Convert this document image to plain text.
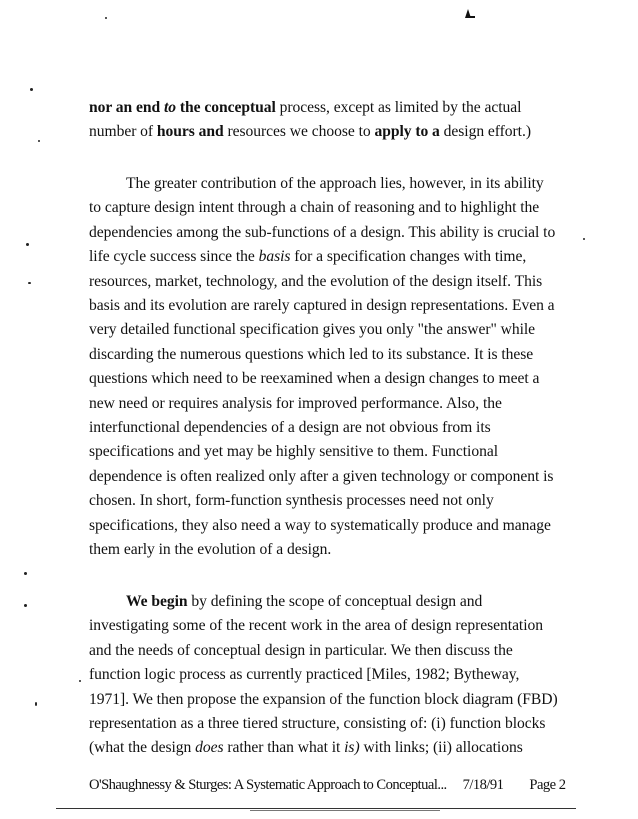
nor an end to the conceptual process, except as limited by the actual
number of hours and resources we choose to apply to a design effort.)

The greater contribution of the approach lies, however, in its ability
to capture design intent through a chain of reasoning and to highlight the
dependencies among the sub-functions of a design. This ability is crucial to
life cycle success since the basis for a specification changes with time,
resources, market, technology, and the evolution of the design itself. This
basis and its evolution are rarely captured in design representations. Even a
very detailed functional specification gives you only "the answer" while
discarding the numerous questions which led to its substance. It is these
questions which need to be reexamined when a design changes to meet a
new need or requires analysis for improved performance. Also, the
interfunctional dependencies of a design are not obvious from its
specifications and yet may be highly sensitive to them. Functional
dependence is often realized only after a given technology or component is
chosen. In short, form-function synthesis processes need not only
specifications, they also need a way to systematically produce and manage
them early in the evolution of a design.

We begin by defining the scope of conceptual design and
investigating some of the recent work in the area of design representation
and the needs of conceptual design in particular. We then discuss the
function logic process as currently practiced [Miles, 1982; Bytheway,
1971]. We then propose the expansion of the function block diagram (FBD)
representation as a three tiered structure, consisting of: (i) function blocks
(what the design does rather than what it is) with links; (ii) allocations

O'Shaughnessy & Sturges: A Systematic Approach to Conceptual... 7/18/91 Page 2
